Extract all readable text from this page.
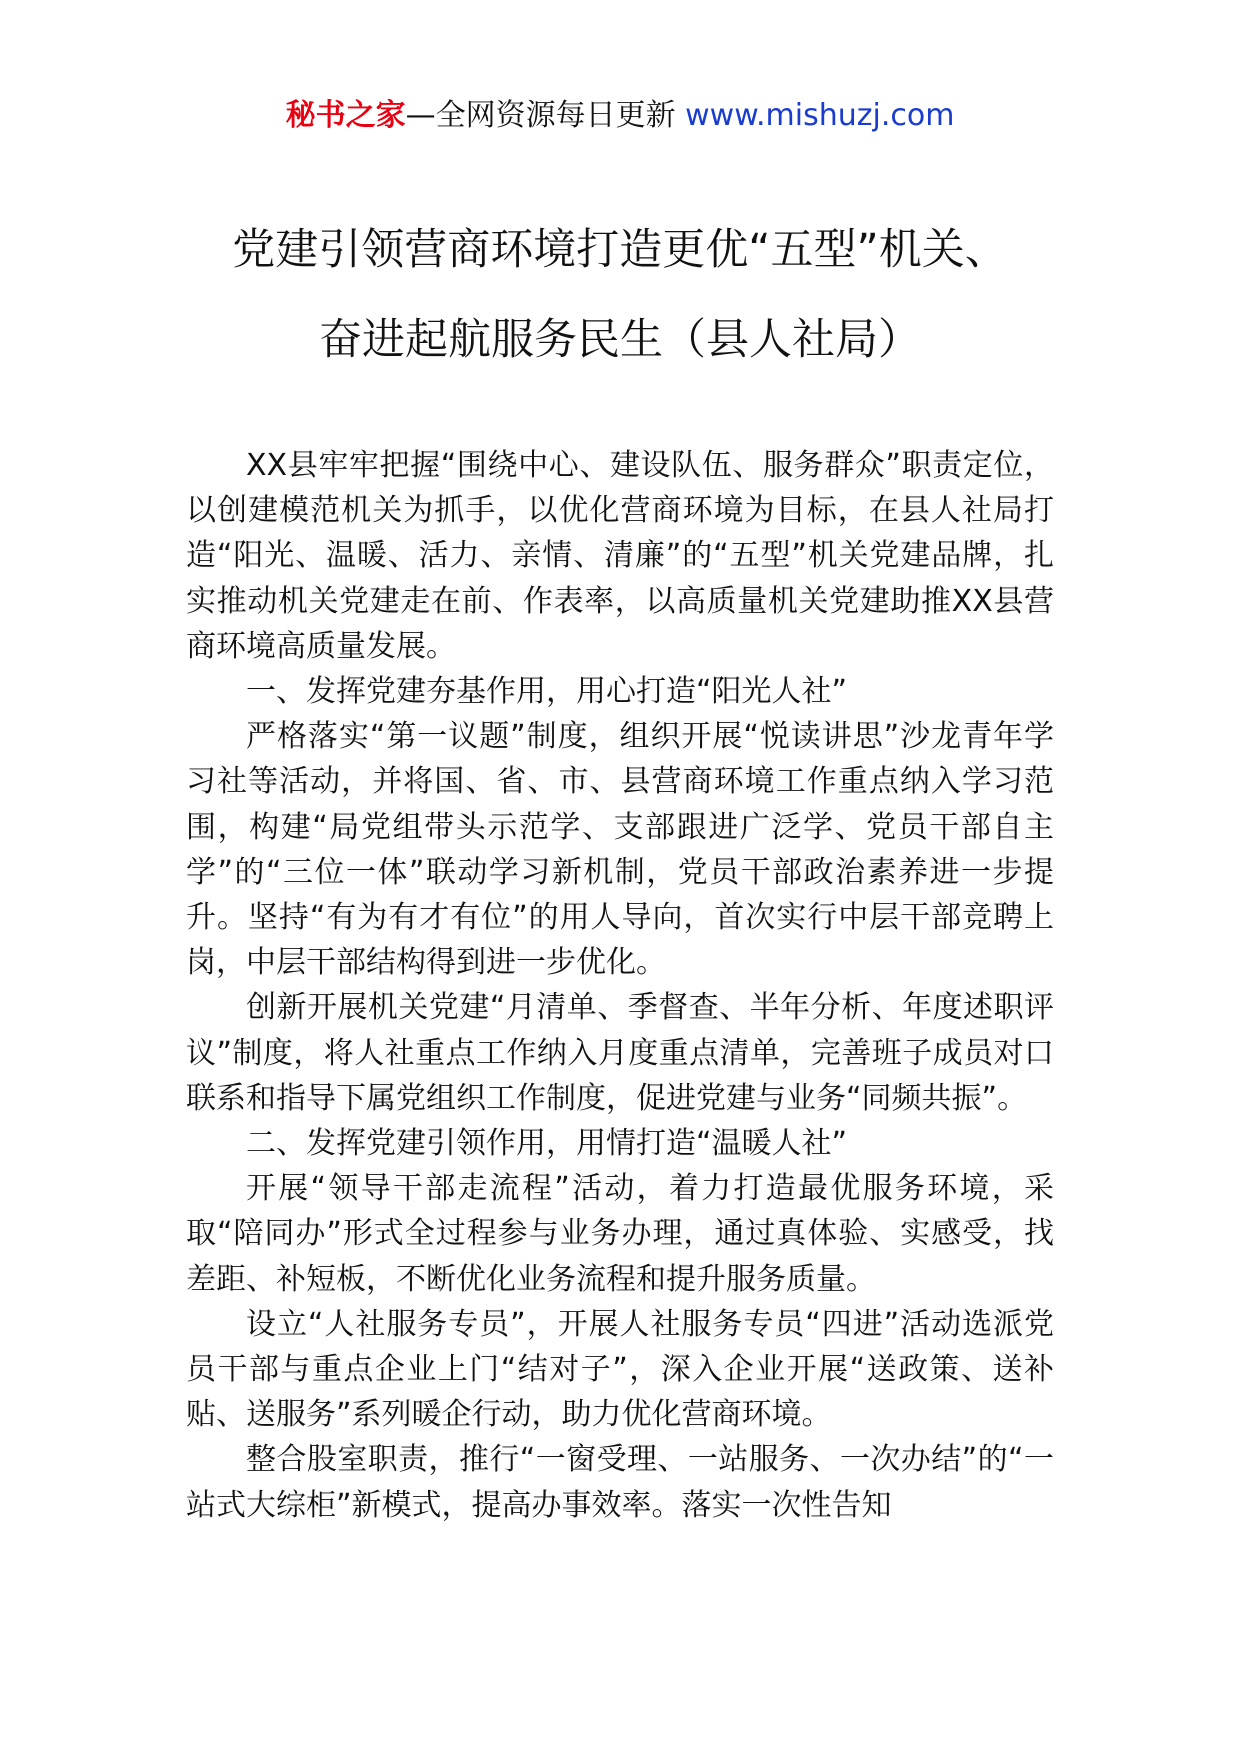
秘书之家—全网资源每日更新 www.mishuzj.com
党建引领营商环境打造更优“五型”机关、
奋进起航服务民生（县人社局）

XX县牢牢把握“围绕中心、建设队伍、服务群众”职责定位，以创建模范机关为抓手，以优化营商环境为目标，在县人社局打造“阳光、温暖、活力、亲情、清廉”的“五型”机关党建品牌，扎实推动机关党建走在前、作表率，以高质量机关党建助推XX县营商环境高质量发展。

一、发挥党建夯基作用，用心打造“阳光人社”

严格落实“第一议题”制度，组织开展“悦读讲思”沙龙青年学习社等活动，并将国、省、市、县营商环境工作重点纳入学习范围，构建“局党组带头示范学、支部跟进广泛学、党员干部自主学”的“三位一体”联动学习新机制，党员干部政治素养进一步提升。坚持“有为有才有位”的用人导向，首次实行中层干部竞聘上岗，中层干部结构得到进一步优化。

创新开展机关党建“月清单、季督查、半年分析、年度述职评议”制度，将人社重点工作纳入月度重点清单，完善班子成员对口联系和指导下属党组织工作制度，促进党建与业务“同频共振”。

二、发挥党建引领作用，用情打造“温暖人社”

开展“领导干部走流程”活动，着力打造最优服务环境，采取“陪同办”形式全过程参与业务办理，通过真体验、实感受，找差距、补短板，不断优化业务流程和提升服务质量。

设立“人社服务专员”，开展人社服务专员“四进”活动选派党员干部与重点企业上门“结对子”，深入企业开展“送政策、送补贴、送服务”系列暖企行动，助力优化营商环境。

整合股室职责，推行“一窗受理、一站服务、一次办结”的“一站式大综柜”新模式，提高办事效率。落实一次性告知
